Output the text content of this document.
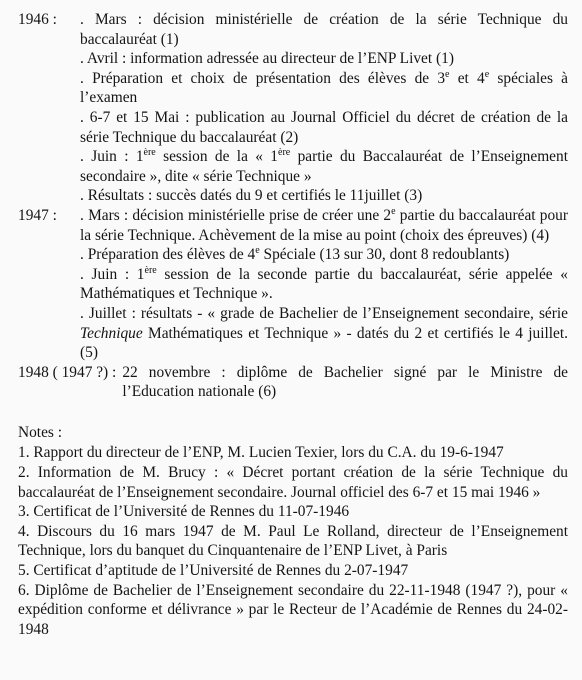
1946 :	. Mars : décision ministérielle de création de la série Technique du baccalauréat (1)
. Avril : information adressée au directeur de l’ENP Livet (1)
. Préparation et choix de présentation des élèves de 3e et 4e spéciales à l’examen
. 6-7 et 15 Mai : publication au Journal Officiel du décret de création de la série Technique du baccalauréat (2)
. Juin : 1ère session de la « 1ère partie du Baccalauréat de l’Enseignement secondaire », dite « série Technique »
. Résultats : succès datés du 9 et certifiés le 11juillet (3)
1947 :	. Mars : décision ministérielle prise de créer une 2e partie du baccalauréat pour la série Technique. Achèvement de la mise au point (choix des épreuves) (4)
. Préparation des élèves de 4e Spéciale (13 sur 30, dont 8 redoublants)
. Juin : 1ère session de la seconde partie du baccalauréat, série appelée « Mathématiques et Technique ».
. Juillet : résultats - « grade de Bachelier de l’Enseignement secondaire, série Technique Mathématiques et Technique » - datés du 2 et certifiés le 4 juillet. (5)
1948 ( 1947 ?) : 22 novembre : diplôme de Bachelier signé par le Ministre de l’Education nationale (6)
Notes :
1. Rapport du directeur de l’ENP, M. Lucien Texier, lors du C.A. du 19-6-1947
2. Information de M. Brucy : « Décret portant création de la série Technique du baccalauréat de l’Enseignement secondaire. Journal officiel des 6-7 et 15 mai 1946 »
3. Certificat de l’Université de Rennes du 11-07-1946
4. Discours du 16 mars 1947 de M. Paul Le Rolland, directeur de l’Enseignement Technique, lors du banquet du Cinquantenaire de l’ENP Livet, à Paris
5. Certificat d’aptitude de l’Université de Rennes du 2-07-1947
6. Diplôme de Bachelier de l’Enseignement secondaire du 22-11-1948 (1947 ?), pour « expédition conforme et délivrance » par le Recteur de l’Académie de Rennes du 24-02-1948
